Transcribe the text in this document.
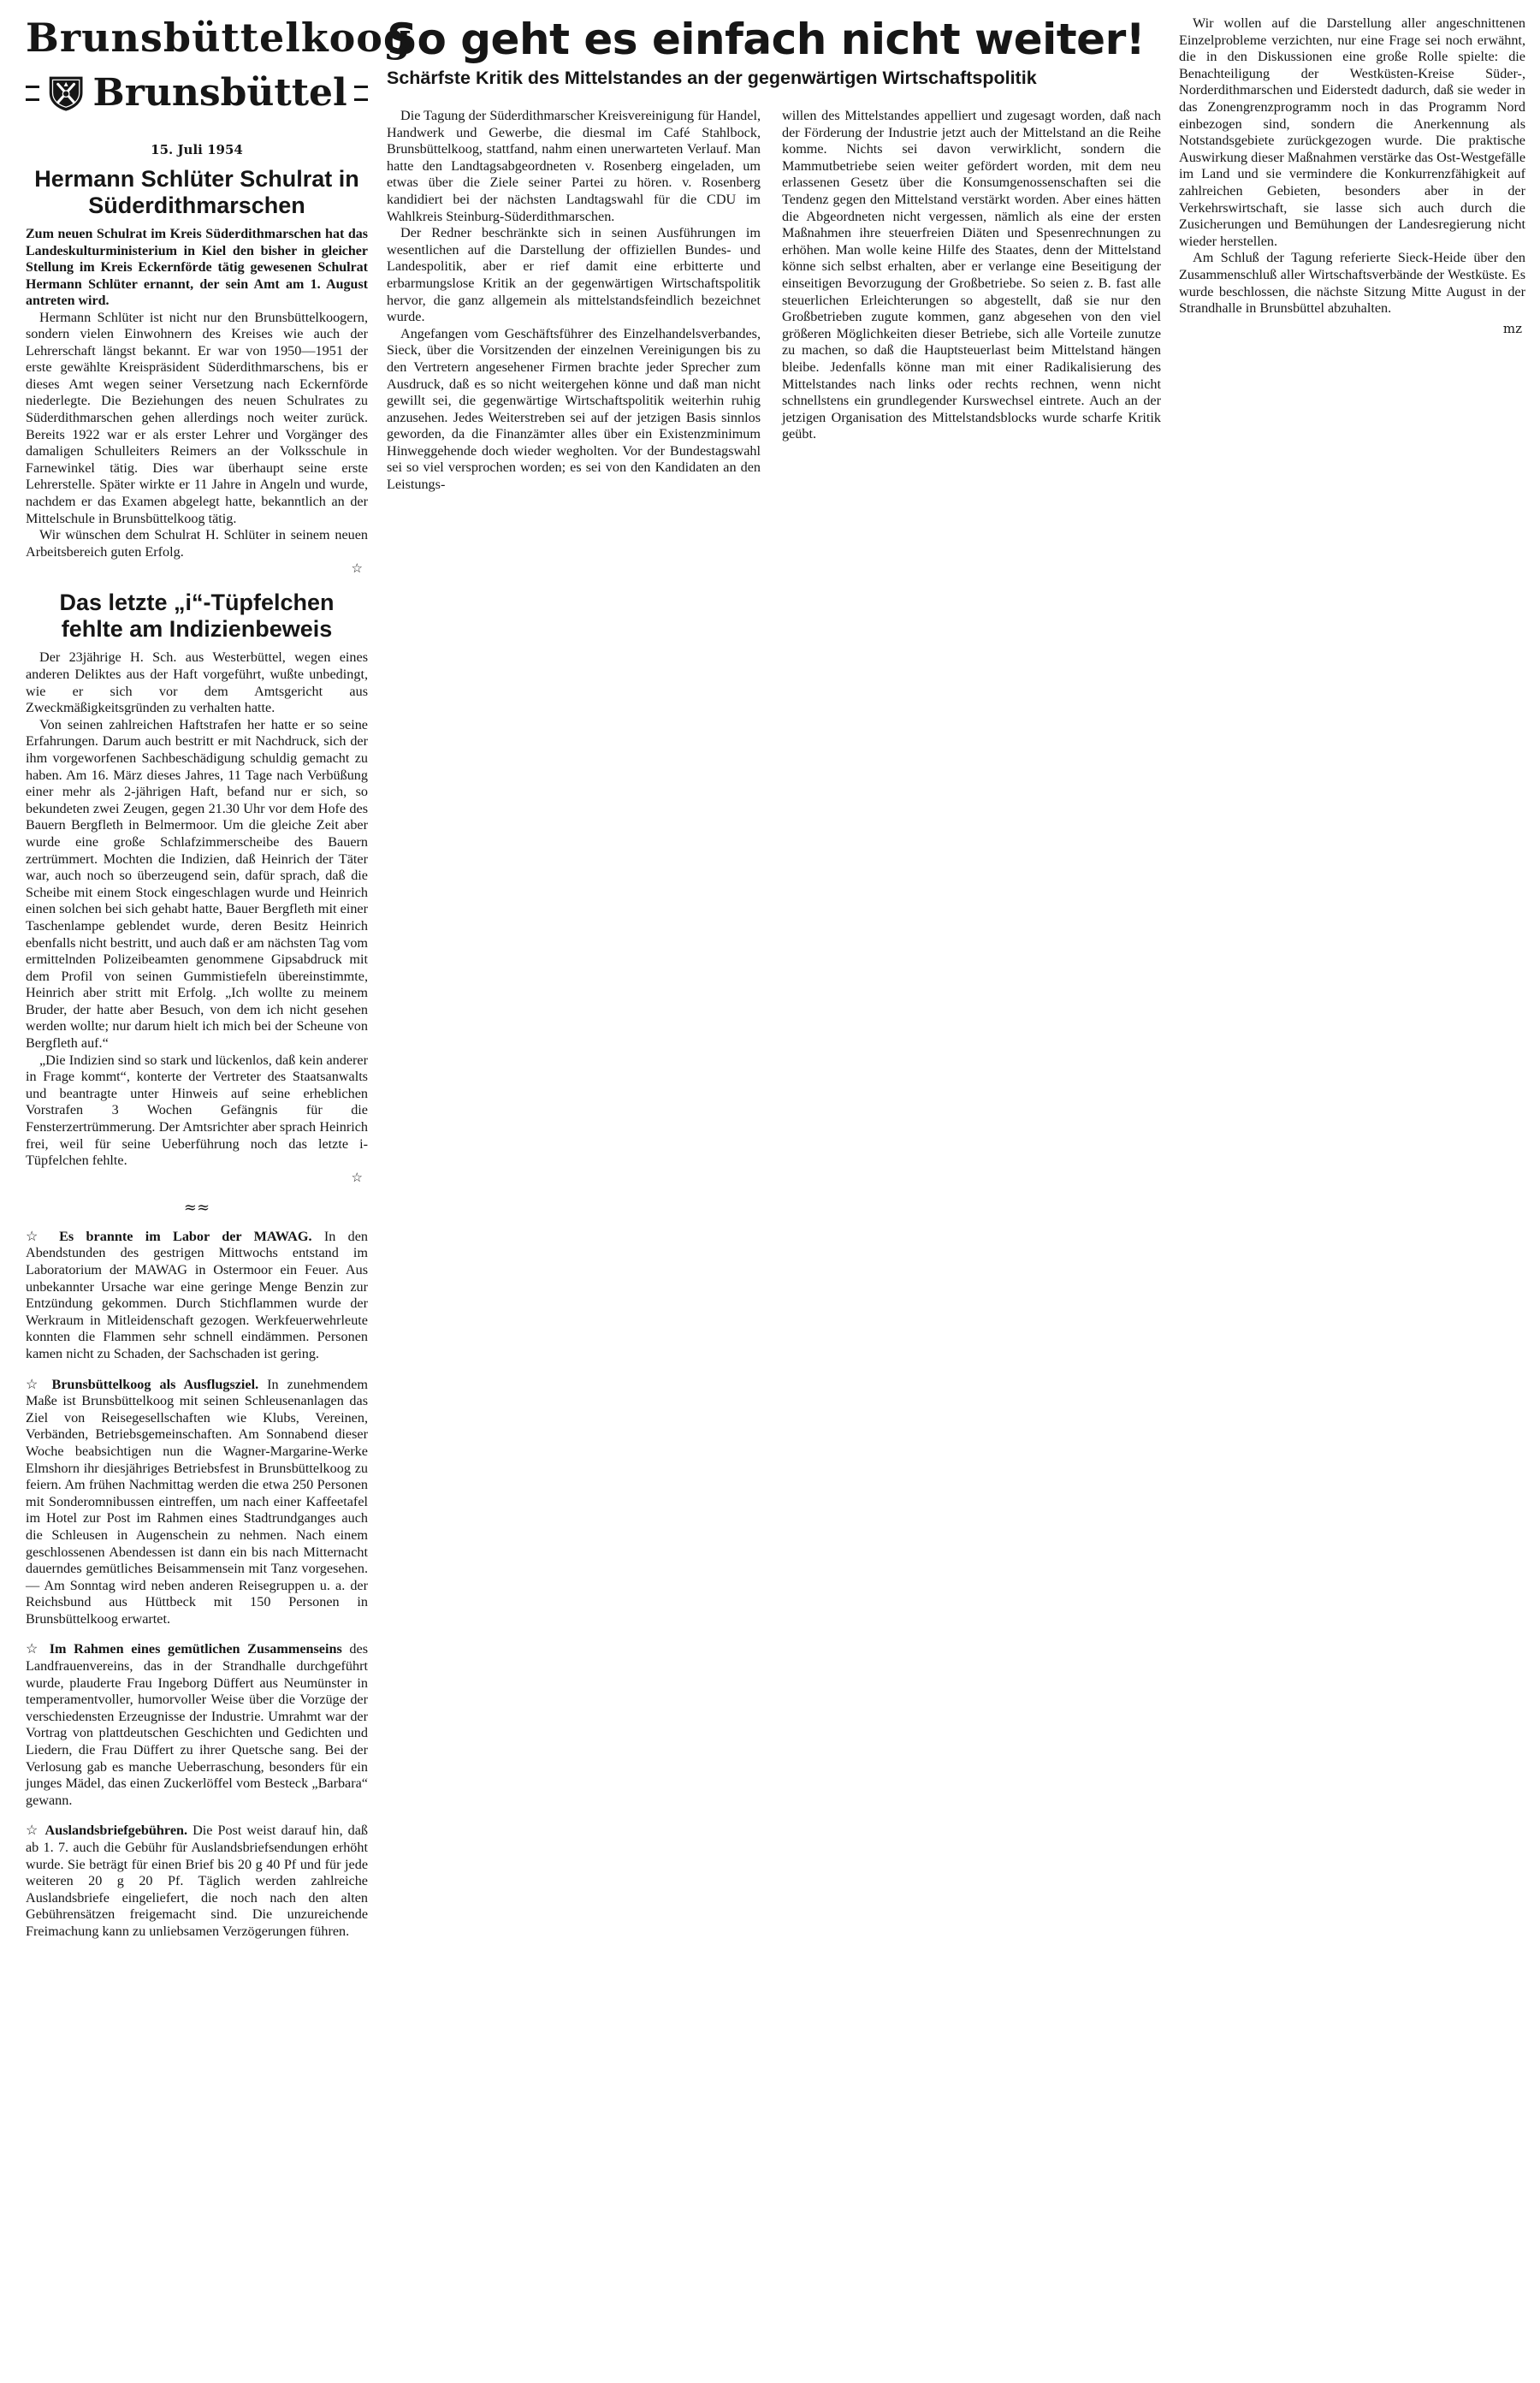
Brunsbüttelkoog
Brunsbüttel
15. Juli 1954
Hermann Schlüter Schulrat in Süderdithmarschen

Zum neuen Schulrat im Kreis Süderdithmarschen hat das Landeskulturministerium in Kiel den bisher in gleicher Stellung im Kreis Eckernförde tätig gewesenen Schulrat Hermann Schlüter ernannt, der sein Amt am 1. August antreten wird.

Hermann Schlüter ist nicht nur den Brunsbüttelkoogern, sondern vielen Einwohnern des Kreises wie auch der Lehrerschaft längst bekannt. Er war von 1950—1951 der erste gewählte Kreispräsident Süderdithmarschens, bis er dieses Amt wegen seiner Versetzung nach Eckernförde niederlegte. Die Beziehungen des neuen Schulrates zu Süderdithmarschen gehen allerdings noch weiter zurück. Bereits 1922 war er als erster Lehrer und Vorgänger des damaligen Schulleiters Reimers an der Volksschule in Farnewinkel tätig. Dies war überhaupt seine erste Lehrerstelle. Später wirkte er 11 Jahre in Angeln und wurde, nachdem er das Examen abgelegt hatte, bekanntlich an der Mittelschule in Brunsbüttelkoog tätig.

Wir wünschen dem Schulrat H. Schlüter in seinem neuen Arbeitsbereich guten Erfolg.

☆
Das letzte „i“-Tüpfelchen fehlte am Indizienbeweis

Der 23jährige H. Sch. aus Westerbüttel, wegen eines anderen Deliktes aus der Haft vorgeführt, wußte unbedingt, wie er sich vor dem Amtsgericht aus Zweckmäßigkeitsgründen zu verhalten hatte.

Von seinen zahlreichen Haftstrafen her hatte er so seine Erfahrungen. Darum auch bestritt er mit Nachdruck, sich der ihm vorgeworfenen Sachbeschädigung schuldig gemacht zu haben. Am 16. März dieses Jahres, 11 Tage nach Verbüßung einer mehr als 2-jährigen Haft, befand nur er sich, so bekundeten zwei Zeugen, gegen 21.30 Uhr vor dem Hofe des Bauern Bergfleth in Belmermoor. Um die gleiche Zeit aber wurde eine große Schlafzimmerscheibe des Bauern zertrümmert. Mochten die Indizien, daß Heinrich der Täter war, auch noch so überzeugend sein, dafür sprach, daß die Scheibe mit einem Stock eingeschlagen wurde und Heinrich einen solchen bei sich gehabt hatte, Bauer Bergfleth mit einer Taschenlampe geblendet wurde, deren Besitz Heinrich ebenfalls nicht bestritt, und auch daß er am nächsten Tag vom ermittelnden Polizeibeamten genommene Gipsabdruck mit dem Profil von seinen Gummistiefeln übereinstimmte, Heinrich aber stritt mit Erfolg. „Ich wollte zu meinem Bruder, der hatte aber Besuch, von dem ich nicht gesehen werden wollte; nur darum hielt ich mich bei der Scheune von Bergfleth auf.“

„Die Indizien sind so stark und lückenlos, daß kein anderer in Frage kommt“, konterte der Vertreter des Staatsanwalts und beantragte unter Hinweis auf seine erheblichen Vorstrafen 3 Wochen Gefängnis für die Fensterzertrümmerung. Der Amtsrichter aber sprach Heinrich frei, weil für seine Ueberführung noch das letzte i-Tüpfelchen fehlte.

☆
≈≈

☆ Es brannte im Labor der MAWAG. In den Abendstunden des gestrigen Mittwochs entstand im Laboratorium der MAWAG in Ostermoor ein Feuer. Aus unbekannter Ursache war eine geringe Menge Benzin zur Entzündung gekommen. Durch Stichflammen wurde der Werkraum in Mitleidenschaft gezogen. Werkfeuerwehrleute konnten die Flammen sehr schnell eindämmen. Personen kamen nicht zu Schaden, der Sachschaden ist gering.

☆ Brunsbüttelkoog als Ausflugsziel. In zunehmendem Maße ist Brunsbüttelkoog mit seinen Schleusenanlagen das Ziel von Reisegesellschaften wie Klubs, Vereinen, Verbänden, Betriebsgemeinschaften. Am Sonnabend dieser Woche beabsichtigen nun die Wagner-Margarine-Werke Elmshorn ihr diesjähriges Betriebsfest in Brunsbüttelkoog zu feiern. Am frühen Nachmittag werden die etwa 250 Personen mit Sonderomnibussen eintreffen, um nach einer Kaffeetafel im Hotel zur Post im Rahmen eines Stadtrundganges auch die Schleusen in Augenschein zu nehmen. Nach einem geschlossenen Abendessen ist dann ein bis nach Mitternacht dauerndes gemütliches Beisammensein mit Tanz vorgesehen. — Am Sonntag wird neben anderen Reisegruppen u. a. der Reichsbund aus Hüttbeck mit 150 Personen in Brunsbüttelkoog erwartet.

☆ Im Rahmen eines gemütlichen Zusammenseins des Landfrauenvereins, das in der Strandhalle durchgeführt wurde, plauderte Frau Ingeborg Düffert aus Neumünster in temperamentvoller, humorvoller Weise über die Vorzüge der verschiedensten Erzeugnisse der Industrie. Umrahmt war der Vortrag von plattdeutschen Geschichten und Gedichten und Liedern, die Frau Düffert zu ihrer Quetsche sang. Bei der Verlosung gab es manche Ueberraschung, besonders für ein junges Mädel, das einen Zuckerlöffel vom Besteck „Barbara“ gewann.

☆ Auslandsbriefgebühren. Die Post weist darauf hin, daß ab 1. 7. auch die Gebühr für Auslandsbriefsendungen erhöht wurde. Sie beträgt für einen Brief bis 20 g 40 Pf und für jede weiteren 20 g 20 Pf. Täglich werden zahlreiche Auslandsbriefe eingeliefert, die noch nach den alten Gebührensätzen freigemacht sind. Die unzureichende Freimachung kann zu unliebsamen Verzögerungen führen.

So geht es einfach nicht weiter!
Schärfste Kritik des Mittelstandes an der gegenwärtigen Wirtschaftspolitik

Die Tagung der Süderdithmarscher Kreisvereinigung für Handel, Handwerk und Gewerbe, die diesmal im Café Stahlbock, Brunsbüttelkoog, stattfand, nahm einen unerwarteten Verlauf. Man hatte den Landtagsabgeordneten v. Rosenberg eingeladen, um etwas über die Ziele seiner Partei zu hören. v. Rosenberg kandidiert bei der nächsten Landtagswahl für die CDU im Wahlkreis Steinburg-Süderdithmarschen.

Der Redner beschränkte sich in seinen Ausführungen im wesentlichen auf die Darstellung der offiziellen Bundes- und Landespolitik, aber er rief damit eine erbitterte und erbarmungslose Kritik an der gegenwärtigen Wirtschaftspolitik hervor, die ganz allgemein als mittelstandsfeindlich bezeichnet wurde.

Angefangen vom Geschäftsführer des Einzelhandelsverbandes, Sieck, über die Vorsitzenden der einzelnen Vereinigungen bis zu den Vertretern angesehener Firmen brachte jeder Sprecher zum Ausdruck, daß es so nicht weitergehen könne und daß man nicht gewillt sei, die gegenwärtige Wirtschaftspolitik weiterhin ruhig anzusehen. Jedes Weiterstreben sei auf der jetzigen Basis sinnlos geworden, da die Finanzämter alles über ein Existenzminimum Hinweggehende doch wieder wegholten. Vor der Bundestagswahl sei so viel versprochen worden; es sei von den Kandidaten an den Leistungs-

willen des Mittelstandes appelliert und zugesagt worden, daß nach der Förderung der Industrie jetzt auch der Mittelstand an die Reihe komme. Nichts sei davon verwirklicht, sondern die Mammutbetriebe seien weiter gefördert worden, mit dem neu erlassenen Gesetz über die Konsumgenossenschaften sei die Tendenz gegen den Mittelstand verstärkt worden. Aber eines hätten die Abgeordneten nicht vergessen, nämlich als eine der ersten Maßnahmen ihre steuerfreien Diäten und Spesenrechnungen zu erhöhen. Man wolle keine Hilfe des Staates, denn der Mittelstand könne sich selbst erhalten, aber er verlange eine Beseitigung der einseitigen Bevorzugung der Großbetriebe. So seien z. B. fast alle steuerlichen Erleichterungen so abgestellt, daß sie nur den Großbetrieben zugute kommen, ganz abgesehen von den viel größeren Möglichkeiten dieser Betriebe, sich alle Vorteile zunutze zu machen, so daß die Hauptsteuerlast beim Mittelstand hängen bleibe. Jedenfalls könne man mit einer Radikalisierung des Mittelstandes nach links oder rechts rechnen, wenn nicht schnellstens ein grundlegender Kurswechsel eintrete. Auch an der jetzigen Organisation des Mittelstandsblocks wurde scharfe Kritik geübt.

Wir wollen auf die Darstellung aller angeschnittenen Einzelprobleme verzichten, nur eine Frage sei noch erwähnt, die in den Diskussionen eine große Rolle spielte: die Benachteiligung der Westküsten-Kreise Süder-, Norderdithmarschen und Eiderstedt dadurch, daß sie weder in das Zonengrenzprogramm noch in das Programm Nord einbezogen sind, sondern die Anerkennung als Notstandsgebiete zurückgezogen wurde. Die praktische Auswirkung dieser Maßnahmen verstärke das Ost-Westgefälle im Land und sie vermindere die Konkurrenzfähigkeit auf zahlreichen Gebieten, besonders aber in der Verkehrswirtschaft, sie lasse sich auch durch die Zusicherungen und Bemühungen der Landesregierung nicht wieder herstellen.

Am Schluß der Tagung referierte Sieck-Heide über den Zusammenschluß aller Wirtschaftsverbände der Westküste. Es wurde beschlossen, die nächste Sitzung Mitte August in der Strandhalle in Brunsbüttel abzuhalten.

mz
